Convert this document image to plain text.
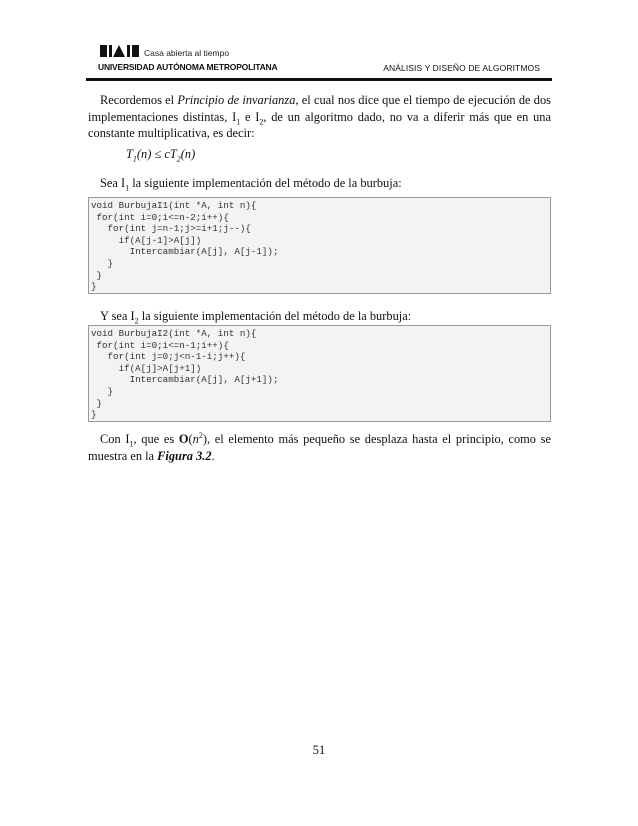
Casa abierta al tiempo
UNIVERSIDAD AUTÓNOMA METROPOLITANA	ANÁLISIS Y DISEÑO DE ALGORITMOS
Recordemos el Principio de invarianza, el cual nos dice que el tiempo de ejecución de dos implementaciones distintas, $I_1$ e $I_2$, de un algoritmo dado, no va a diferir más que en una constante multiplicativa, es decir:
$T_1(n) \le cT_2(n)$
Sea $I_1$ la siguiente implementación del método de la burbuja:
void BurbujaI1(int *A, int n){
for(int i=0;i<=n-2;i++){
for(int j=n-1;j>=i+1;j--){
if(A[j-1]>A[j])
Intercambiar(A[j], A[j-1]);
}
}
}
Y sea $I_2$ la siguiente implementación del método de la burbuja:
void BurbujaI2(int *A, int n){
for(int i=0;i<=n-1;i++){
for(int j=0;j<n-1-i;j++){
if(A[j]>A[j+1])
Intercambiar(A[j], A[j+1]);
}
}
}
Con $I_1$, que es $O(n^2)$, el elemento más pequeño se desplaza hasta el principio, como se muestra en la Figura 3.2.
51
